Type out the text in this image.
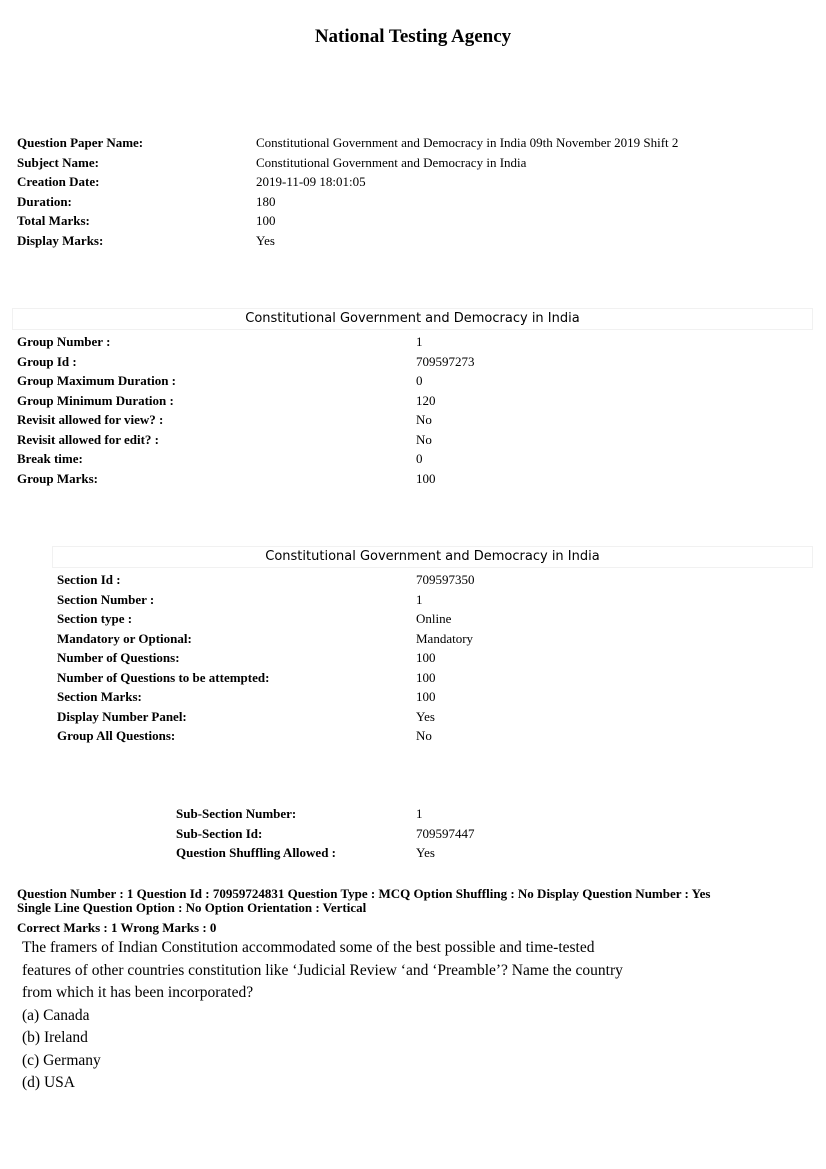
National Testing Agency
Question Paper Name:	Constitutional Government and Democracy in India 09th November 2019 Shift 2
Subject Name:	Constitutional Government and Democracy in India
Creation Date:	2019-11-09 18:01:05
Duration:	180
Total Marks:	100
Display Marks:	Yes
Constitutional Government and Democracy in India
Group Number :	1
Group Id :	709597273
Group Maximum Duration :	0
Group Minimum Duration :	120
Revisit allowed for view? :	No
Revisit allowed for edit? :	No
Break time:	0
Group Marks:	100
Constitutional Government and Democracy in India
Section Id :	709597350
Section Number :	1
Section type :	Online
Mandatory or Optional:	Mandatory
Number of Questions:	100
Number of Questions to be attempted:	100
Section Marks:	100
Display Number Panel:	Yes
Group All Questions:	No
Sub-Section Number:	1
Sub-Section Id:	709597447
Question Shuffling Allowed :	Yes
Question Number : 1 Question Id : 70959724831 Question Type : MCQ Option Shuffling : No Display Question Number : Yes
Single Line Question Option : No Option Orientation : Vertical
Correct Marks : 1 Wrong Marks : 0
The framers of Indian Constitution accommodated some of the best possible and time-tested
features of other countries constitution like ‘Judicial Review ‘and ‘Preamble’? Name the country
from which it has been incorporated?
(a) Canada
(b) Ireland
(c) Germany
(d) USA
